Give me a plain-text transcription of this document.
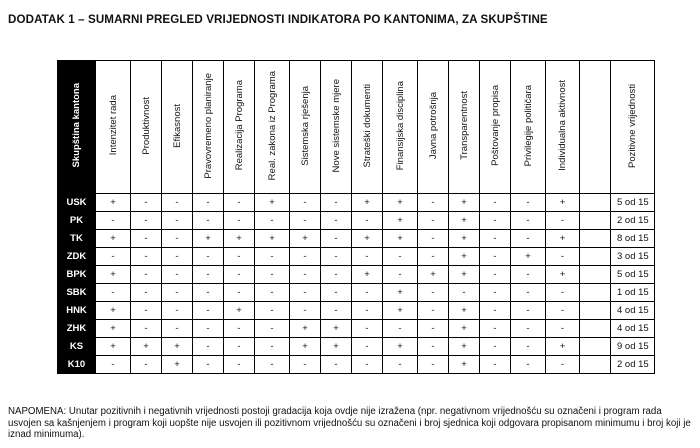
DODATAK 1 – SUMARNI PREGLED VRIJEDNOSTI INDIKATORA PO KANTONIMA, ZA SKUPŠTINE
Skupština kantona	Intenzitet rada	Produktivnost	Efikasnost	Pravovremeno planiranje	Realizacija Programa	Real. zakona iz Programa	Sistemska rješenja	Nove sistemske mjere	Strateški dokumenti	Finansijska disciplina	Javna potrošnja	Transparentnost	Poštovanje propisa	Privilegije političara	Individualna aktivnost		Pozitivne vrijednosti
USK	+	-	-	-	-	+	-	-	+	+	-	+	-	-	+		5 od 15
PK	-	-	-	-	-	-	-	-	-	+	-	+	-	-	-		2 od 15
TK	+	-	-	+	+	+	+	-	+	+	-	+	-	-	+		8 od 15
ZDK	-	-	-	-	-	-	-	-	-	-	-	+	-	+	-		3 od 15
BPK	+	-	-	-	-	-	-	-	+	-	+	+	-	-	+		5 od 15
SBK	-	-	-	-	-	-	-	-	-	+	-	-	-	-	-		1 od 15
HNK	+	-	-	-	+	-	-	-	-	+	-	+	-	-	-		4 od 15
ZHK	+	-	-	-	-	-	+	+	-	-	-	+	-	-	-		4 od 15
KS	+	+	+	-	-	-	+	+	-	+	-	+	-	-	+		9 od 15
K10	-	-	+	-	-	-	-	-	-	-	-	+	-	-	-		2 od 15
NAPOMENA: Unutar pozitivnih i negativnih vrijednosti postoji gradacija koja ovdje nije izražena (npr. negativnom vrijednošću su označeni i program rada usvojen sa kašnjenjem i program koji uopšte nije usvojen ili pozitivnom vrijednošću su označeni i broj sjednica koji odgovara propisanom minimumu i broj koji je iznad minimuma).
